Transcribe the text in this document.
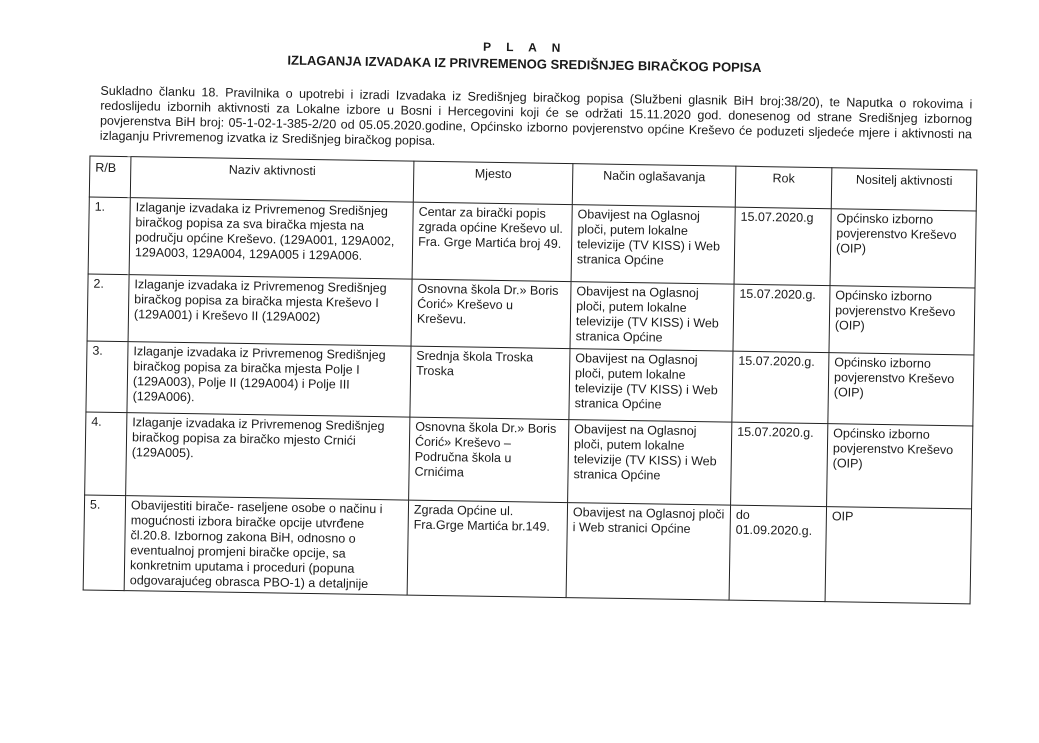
P L A N
IZLAGANJA IZVADAKA IZ PRIVREMENOG SREDIŠNJEG BIRAČKOG POPISA
Sukladno članku 18. Pravilnika o upotrebi i izradi Izvadaka iz Središnjeg biračkog popisa (Službeni glasnik BiH broj:38/20), te Naputka o rokovima i redoslijedu izbornih aktivnosti za Lokalne izbore u Bosni i Hercegovini koji će se održati 15.11.2020 god. donesenog od strane Središnjeg izbornog povjerenstva BiH broj: 05-1-02-1-385-2/20 od 05.05.2020.godine, Općinsko izborno povjerenstvo općine Kreševo će poduzeti sljedeće mjere i aktivnosti na izlaganju Privremenog izvatka iz Središnjeg biračkog popisa.
R/B	Naziv aktivnosti	Mjesto	Način oglašavanja	Rok	Nositelj aktivnosti
1.	Izlaganje izvadaka iz Privremenog Središnjeg biračkog popisa za sva biračka mjesta na području općine Kreševo. (129A001, 129A002, 129A003, 129A004, 129A005 i 129A006.	Centar za birački popis zgrada općine Kreševo ul. Fra. Grge Martića broj 49.	Obavijest na Oglasnoj ploči, putem lokalne televizije (TV KISS) i Web stranica Općine	15.07.2020.g	Općinsko izborno povjerenstvo Kreševo (OIP)
2.	Izlaganje izvadaka iz Privremenog Središnjeg biračkog popisa za biračka mjesta Kreševo I (129A001) i Kreševo II (129A002)	Osnovna škola Dr.» Boris Ćorić» Kreševo u Kreševu.	Obavijest na Oglasnoj ploči, putem lokalne televizije (TV KISS) i Web stranica Općine	15.07.2020.g.	Općinsko izborno povjerenstvo Kreševo (OIP)
3.	Izlaganje izvadaka iz Privremenog Središnjeg biračkog popisa za biračka mjesta Polje I (129A003), Polje II (129A004) i Polje III (129A006).	Srednja škola Troska Troska	Obavijest na Oglasnoj ploči, putem lokalne televizije (TV KISS) i Web stranica Općine	15.07.2020.g.	Općinsko izborno povjerenstvo Kreševo (OIP)
4.	Izlaganje izvadaka iz Privremenog Središnjeg biračkog popisa za biračko mjesto Crnići (129A005).	Osnovna škola Dr.» Boris Ćorić» Kreševo – Područna škola u Crnićima	Obavijest na Oglasnoj ploči, putem lokalne televizije (TV KISS) i Web stranica Općine	15.07.2020.g.	Općinsko izborno povjerenstvo Kreševo (OIP)
5.	Obavijestiti birače- raseljene osobe o načinu i mogućnosti izbora biračke opcije utvrđene čl.20.8. Izbornog zakona BiH, odnosno o eventualnoj promjeni biračke opcije, sa konkretnim uputama i proceduri (popuna odgovarajućeg obrasca PBO-1) a detaljnije	Zgrada Općine ul. Fra.Grge Martića br.149.	Obavijest na Oglasnoj ploči i Web stranici Općine	do 01.09.2020.g.	OIP
